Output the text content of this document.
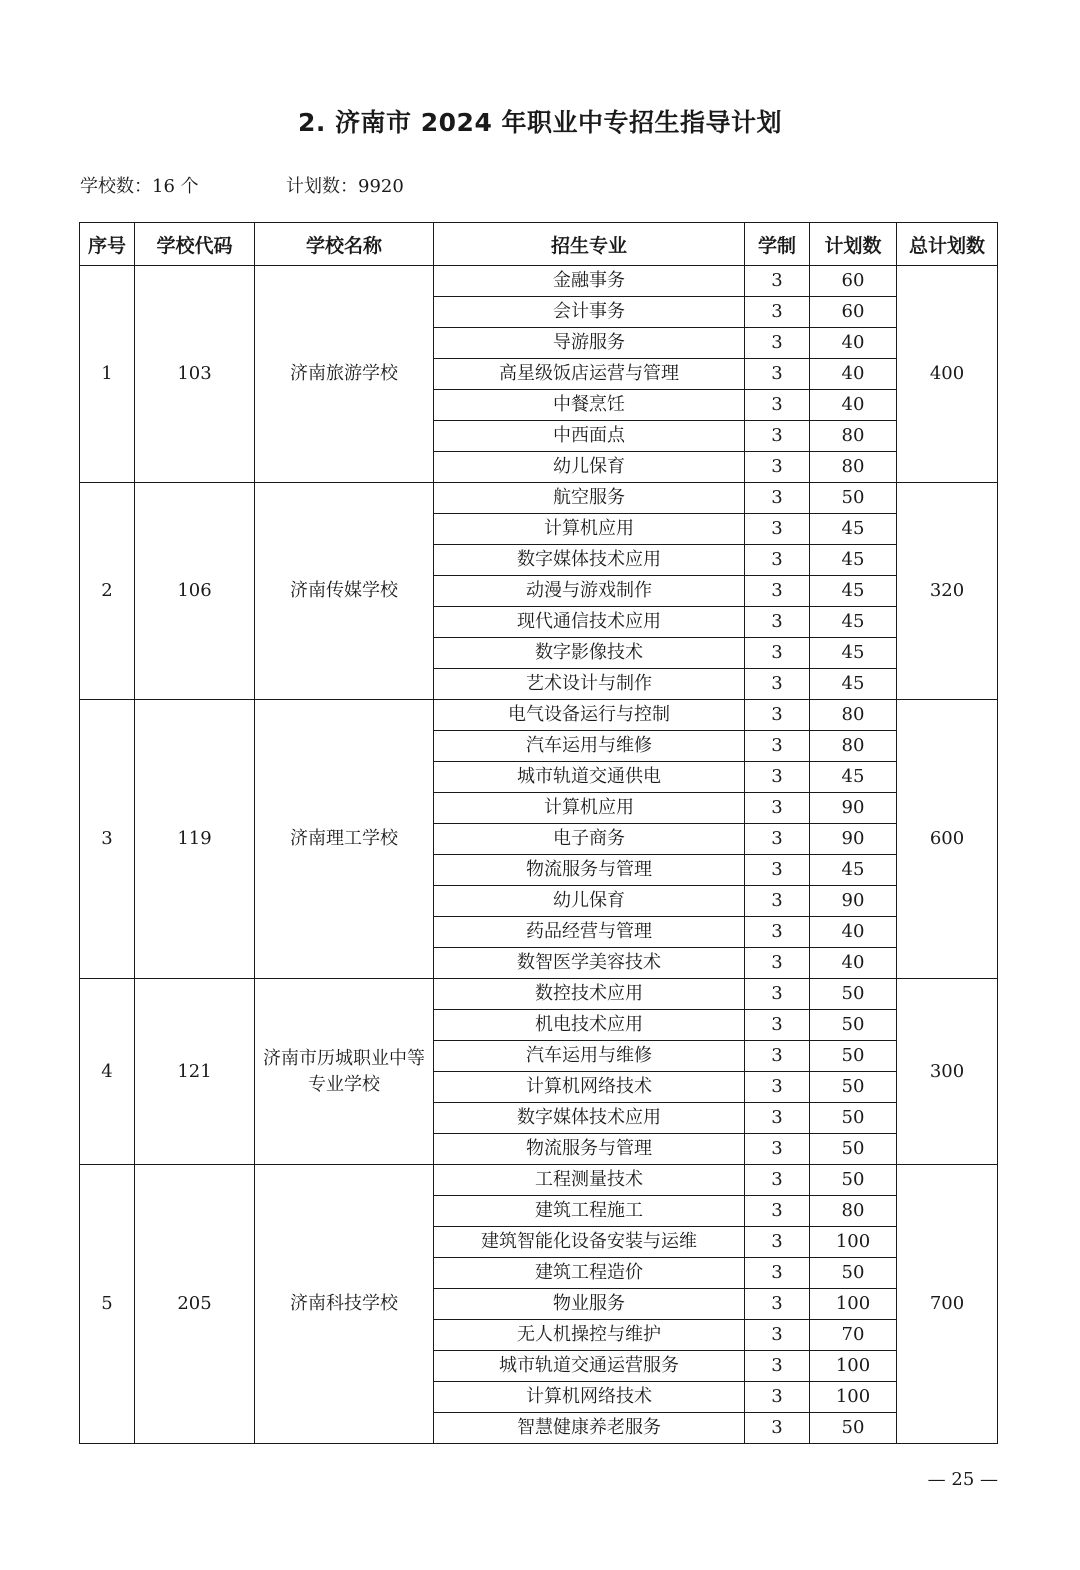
2. 济南市 2024 年职业中专招生指导计划
学校数：16 个	计划数：9920
序号	学校代码	学校名称	招生专业	学制	计划数	总计划数
1	103	济南旅游学校	金融事务	3	60	400
			会计事务	3	60	
			导游服务	3	40	
			高星级饭店运营与管理	3	40	
			中餐烹饪	3	40	
			中西面点	3	80	
			幼儿保育	3	80	
2	106	济南传媒学校	航空服务	3	50	320
			计算机应用	3	45	
			数字媒体技术应用	3	45	
			动漫与游戏制作	3	45	
			现代通信技术应用	3	45	
			数字影像技术	3	45	
			艺术设计与制作	3	45	
3	119	济南理工学校	电气设备运行与控制	3	80	600
			汽车运用与维修	3	80	
			城市轨道交通供电	3	45	
			计算机应用	3	90	
			电子商务	3	90	
			物流服务与管理	3	45	
			幼儿保育	3	90	
			药品经营与管理	3	40	
			数智医学美容技术	3	40	
4	121	济南市历城职业中等专业学校	数控技术应用	3	50	300
			机电技术应用	3	50	
			汽车运用与维修	3	50	
			计算机网络技术	3	50	
			数字媒体技术应用	3	50	
			物流服务与管理	3	50	
5	205	济南科技学校	工程测量技术	3	50	700
			建筑工程施工	3	80	
			建筑智能化设备安装与运维	3	100	
			建筑工程造价	3	50	
			物业服务	3	100	
			无人机操控与维护	3	70	
			城市轨道交通运营服务	3	100	
			计算机网络技术	3	100	
			智慧健康养老服务	3	50	
— 25 —
